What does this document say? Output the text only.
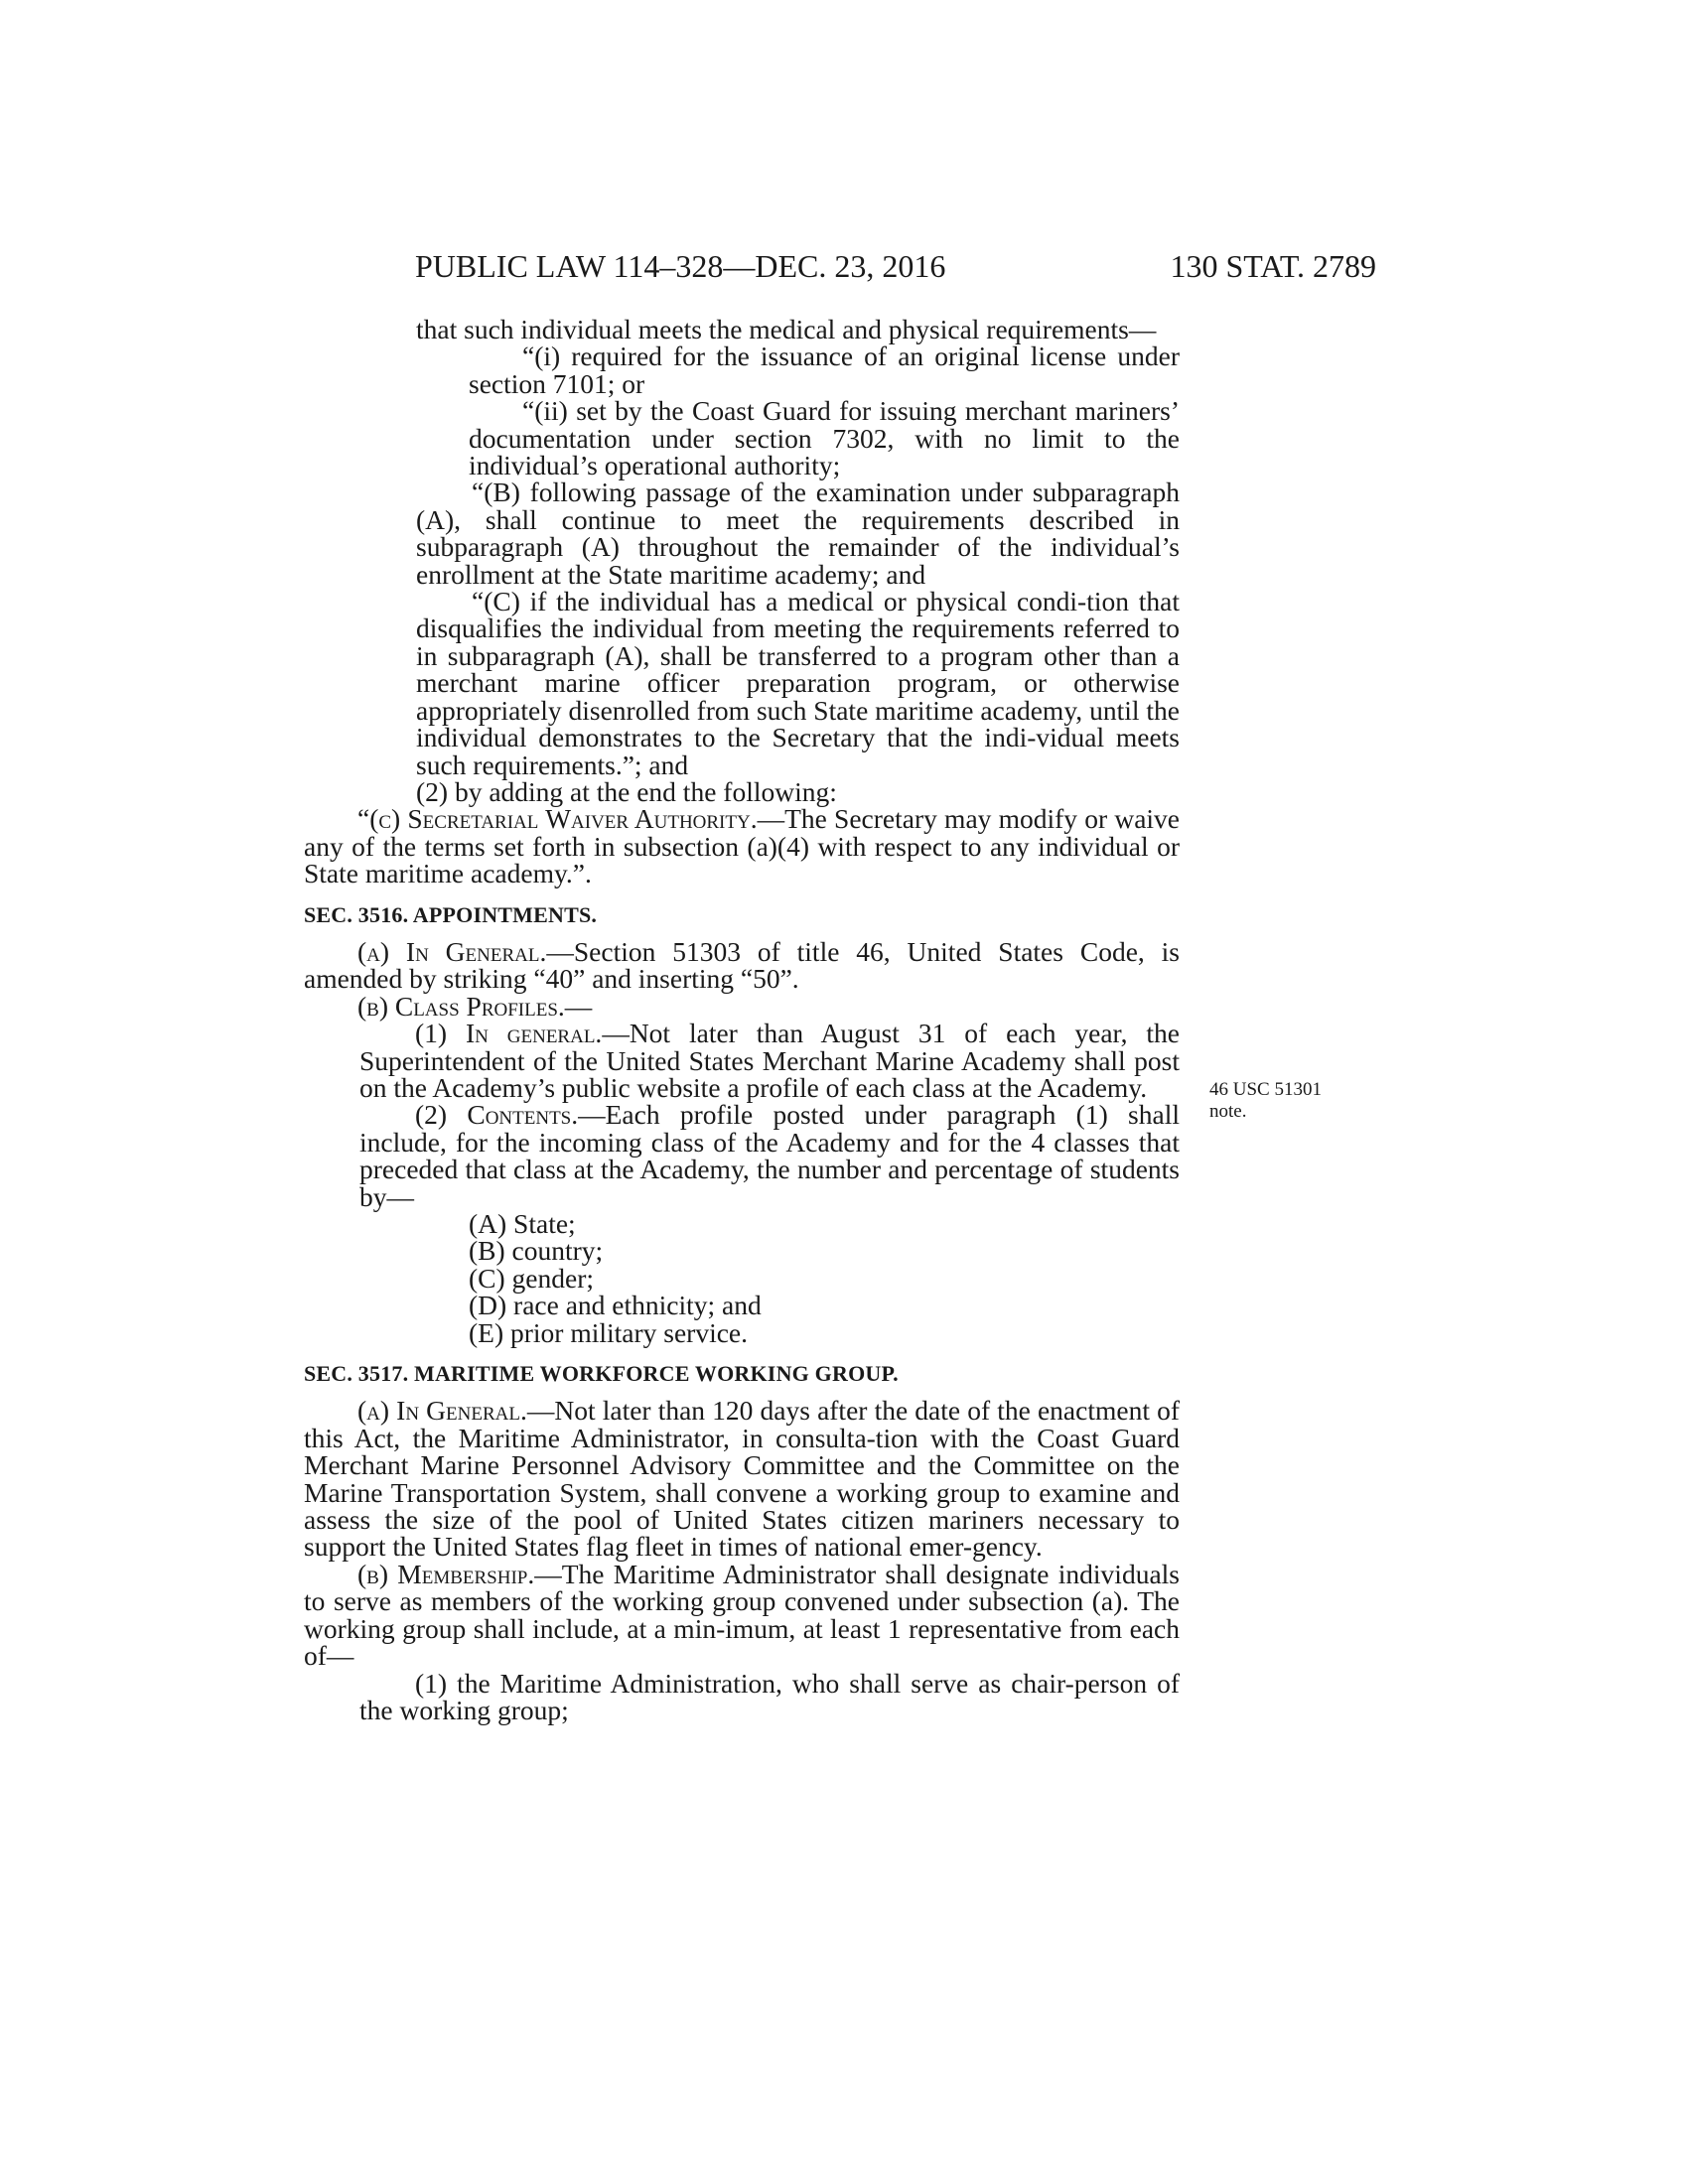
PUBLIC LAW 114–328—DEC. 23, 2016	130 STAT. 2789
46 USC 51301
note.

that such individual meets the medical and physical requirements—

“(i) required for the issuance of an original license under section 7101; or

“(ii) set by the Coast Guard for issuing merchant mariners’ documentation under section 7302, with no limit to the individual’s operational authority;

“(B) following passage of the examination under subparagraph (A), shall continue to meet the requirements described in subparagraph (A) throughout the remainder of the individual’s enrollment at the State maritime academy; and

“(C) if the individual has a medical or physical condi-tion that disqualifies the individual from meeting the requirements referred to in subparagraph (A), shall be transferred to a program other than a merchant marine officer preparation program, or otherwise appropriately disenrolled from such State maritime academy, until the individual demonstrates to the Secretary that the indi-vidual meets such requirements.”; and

(2) by adding at the end the following:

“(c) Secretarial Waiver Authority.—The Secretary may modify or waive any of the terms set forth in subsection (a)(4) with respect to any individual or State maritime academy.”.

SEC. 3516. APPOINTMENTS.

(a) In General.—Section 51303 of title 46, United States Code, is amended by striking “40” and inserting “50”.

(b) Class Profiles.—

(1) In general.—Not later than August 31 of each year, the Superintendent of the United States Merchant Marine Academy shall post on the Academy’s public website a profile of each class at the Academy.

(2) Contents.—Each profile posted under paragraph (1) shall include, for the incoming class of the Academy and for the 4 classes that preceded that class at the Academy, the number and percentage of students by—

(A) State;

(B) country;

(C) gender;

(D) race and ethnicity; and

(E) prior military service.

SEC. 3517. MARITIME WORKFORCE WORKING GROUP.

(a) In General.—Not later than 120 days after the date of the enactment of this Act, the Maritime Administrator, in consulta-tion with the Coast Guard Merchant Marine Personnel Advisory Committee and the Committee on the Marine Transportation System, shall convene a working group to examine and assess the size of the pool of United States citizen mariners necessary to support the United States flag fleet in times of national emer-gency.

(b) Membership.—The Maritime Administrator shall designate individuals to serve as members of the working group convened under subsection (a). The working group shall include, at a min-imum, at least 1 representative from each of—

(1) the Maritime Administration, who shall serve as chair-person of the working group;
